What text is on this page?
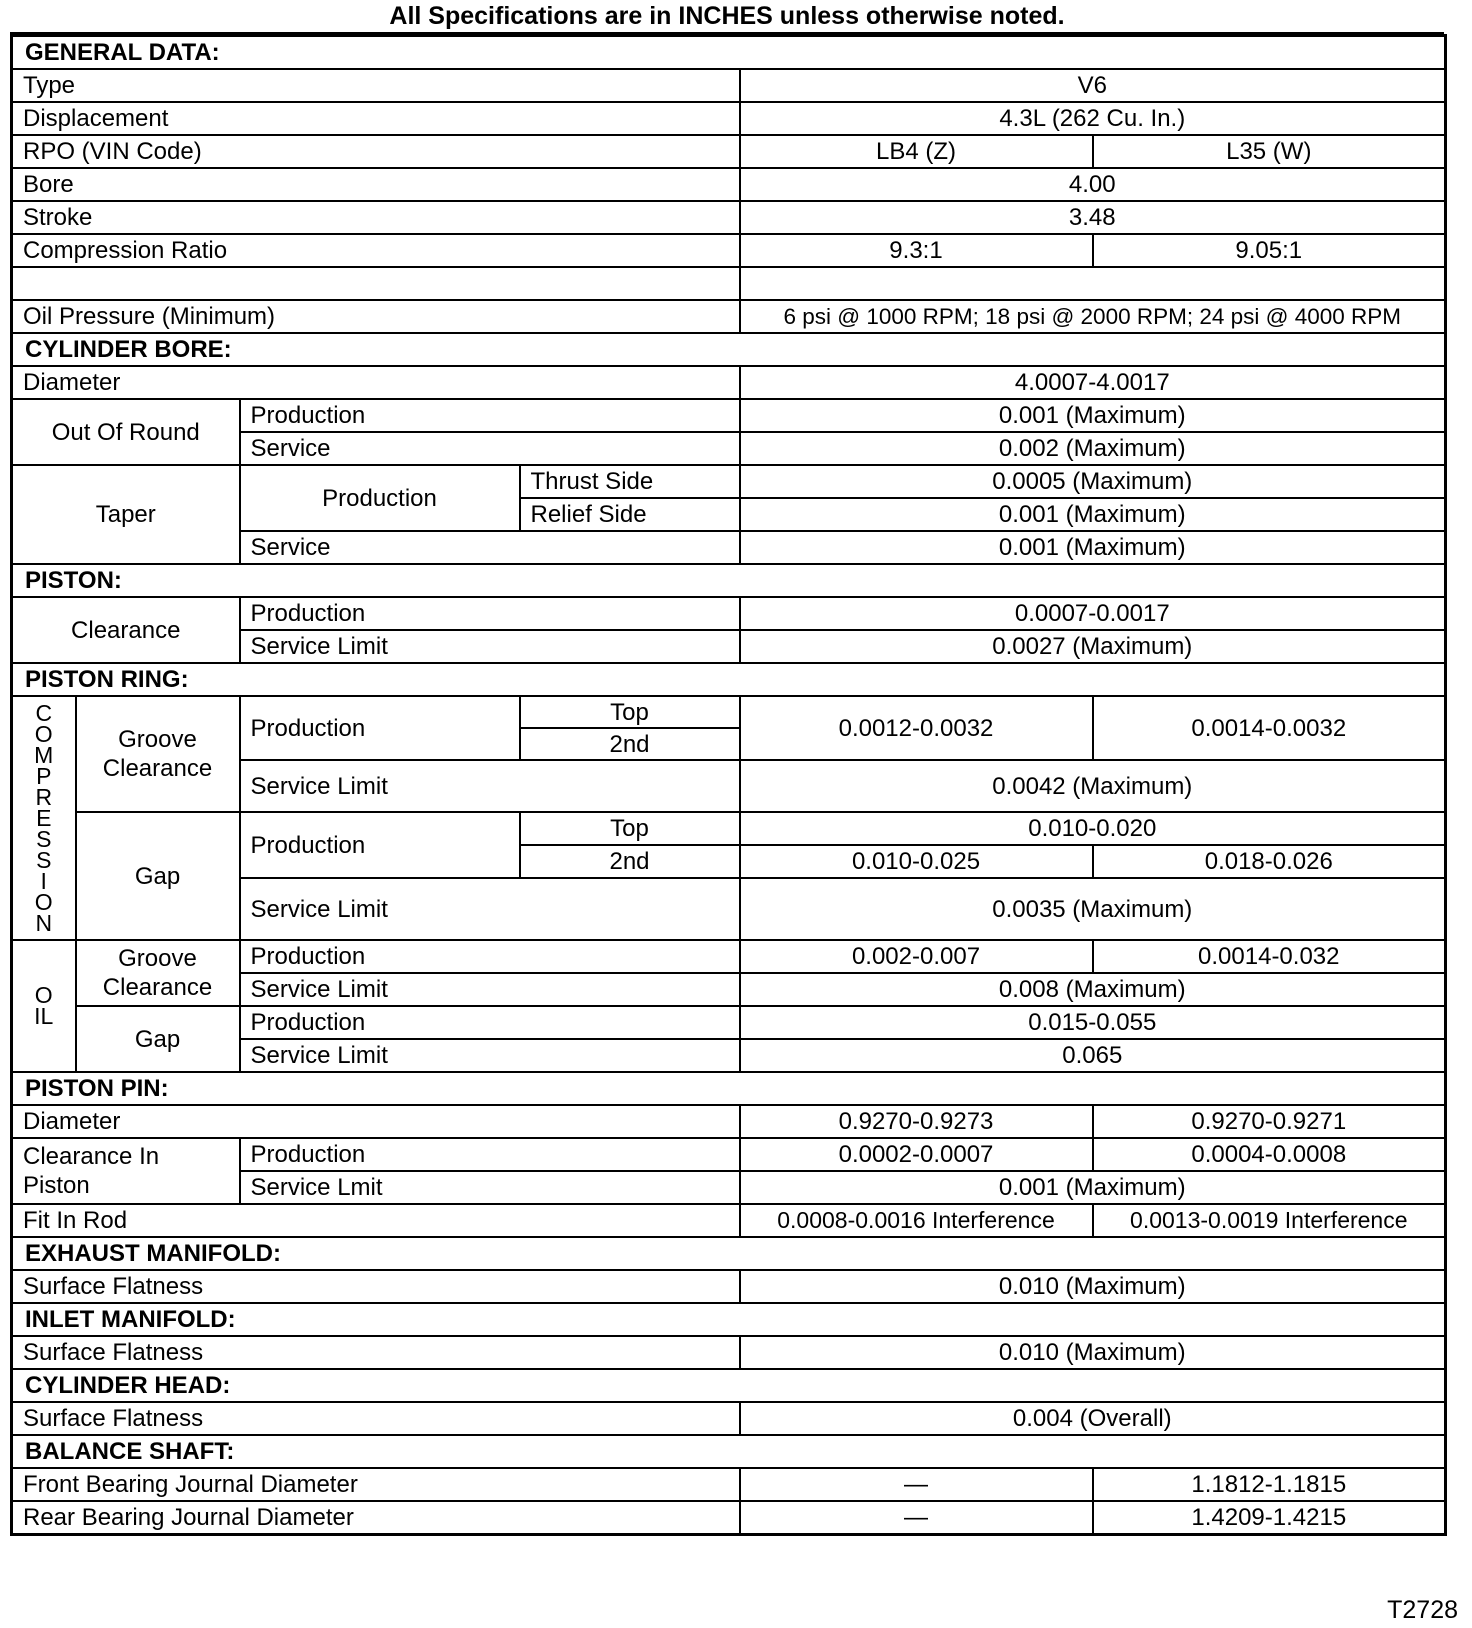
All Specifications are in INCHES unless otherwise noted.
GENERAL DATA:					
Type				V6	
Displacement				4.3L (262 Cu. In.)	
RPO (VIN Code)				LB4 (Z)	L35 (W)
Bore				4.00	
Stroke				3.48	
Compression Ratio				9.3:1	9.05:1

Oil Pressure (Minimum)				6 psi @ 1000 RPM; 18 psi @ 2000 RPM; 24 psi @ 4000 RPM	
CYLINDER BORE:					
Diameter				4.0007-4.0017	
Out Of Round		Production		0.001 (Maximum)	
		Service		0.002 (Maximum)	
Taper		Production	Thrust Side	0.0005 (Maximum)	
			Relief Side	0.001 (Maximum)	
		Service		0.001 (Maximum)	
PISTON:					
Clearance		Production		0.0007-0.0017	
		Service Limit		0.0027 (Maximum)	
PISTON RING:					
COMPRESSION	Groove Clearance	Production	Top	0.0012-0.0032	0.0014-0.0032
			2nd		
		Service Limit		0.0042 (Maximum)	
	Gap	Production	Top	0.010-0.020	
			2nd	0.010-0.025	0.018-0.026
		Service Limit		0.0035 (Maximum)	

OIL	Groove Clearance	Production		0.002-0.007	0.0014-0.032
		Service Limit		0.008 (Maximum)	
	Gap	Production		0.015-0.055	
		Service Limit		0.065	
PISTON PIN:					
Diameter				0.9270-0.9273	0.9270-0.9271
Clearance In Piston		Production		0.0002-0.0007	0.0004-0.0008
		Service Lmit		0.001 (Maximum)	
Fit In Rod				0.0008-0.0016 Interference	0.0013-0.0019 Interference
EXHAUST MANIFOLD:					
Surface Flatness				0.010 (Maximum)	
INLET MANIFOLD:					
Surface Flatness				0.010 (Maximum)	
CYLINDER HEAD:					
Surface Flatness				0.004 (Overall)	
BALANCE SHAFT:					
Front Bearing Journal Diameter				—	1.1812-1.1815
Rear Bearing Journal Diameter				—	1.4209-1.4215
T2728
